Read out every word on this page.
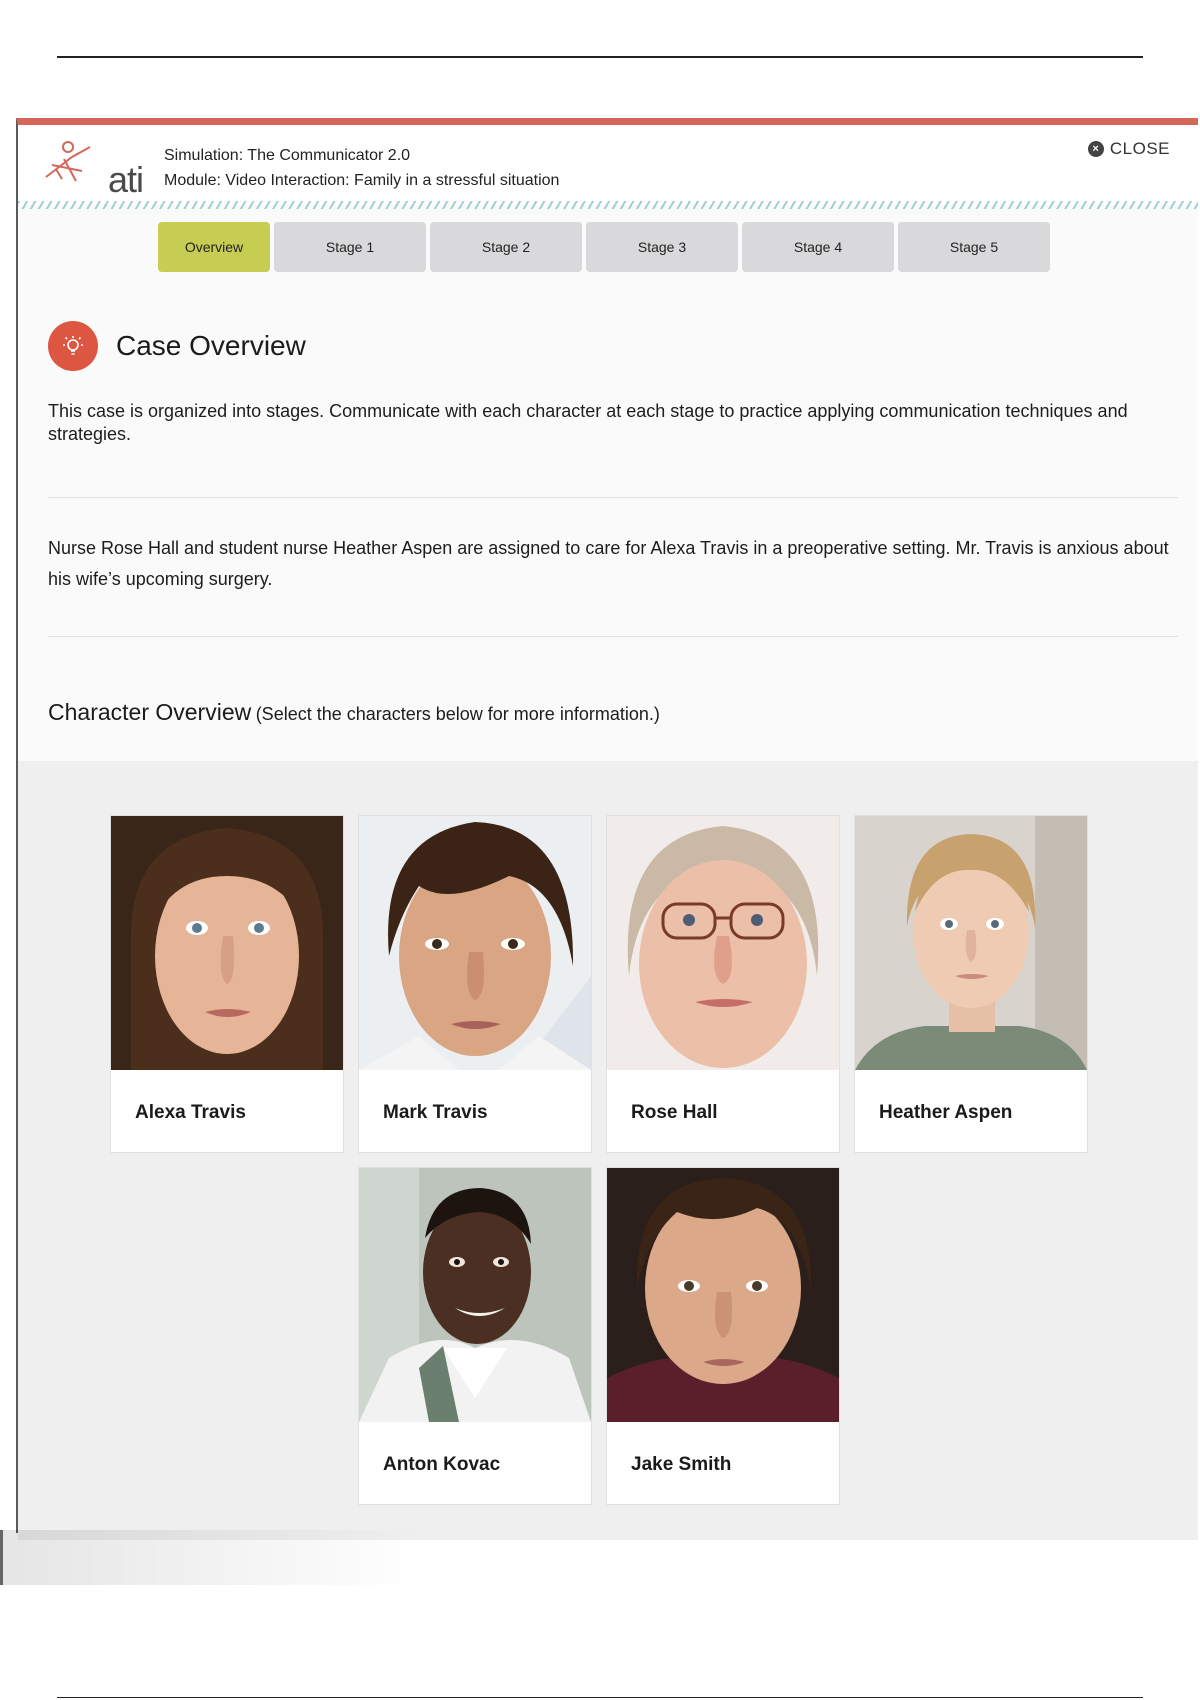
ati
Simulation: The Communicator 2.0
Module: Video Interaction: Family in a stressful situation
× CLOSE
Overview	Stage 1	Stage 2	Stage 3	Stage 4	Stage 5
Case Overview
This case is organized into stages. Communicate with each character at each stage to practice applying communication techniques and strategies.
Nurse Rose Hall and student nurse Heather Aspen are assigned to care for Alexa Travis in a preoperative setting. Mr. Travis is anxious about his wife’s upcoming surgery.
Character Overview (Select the characters below for more information.)
Alexa Travis	Mark Travis	Rose Hall	Heather Aspen
Anton Kovac	Jake Smith
